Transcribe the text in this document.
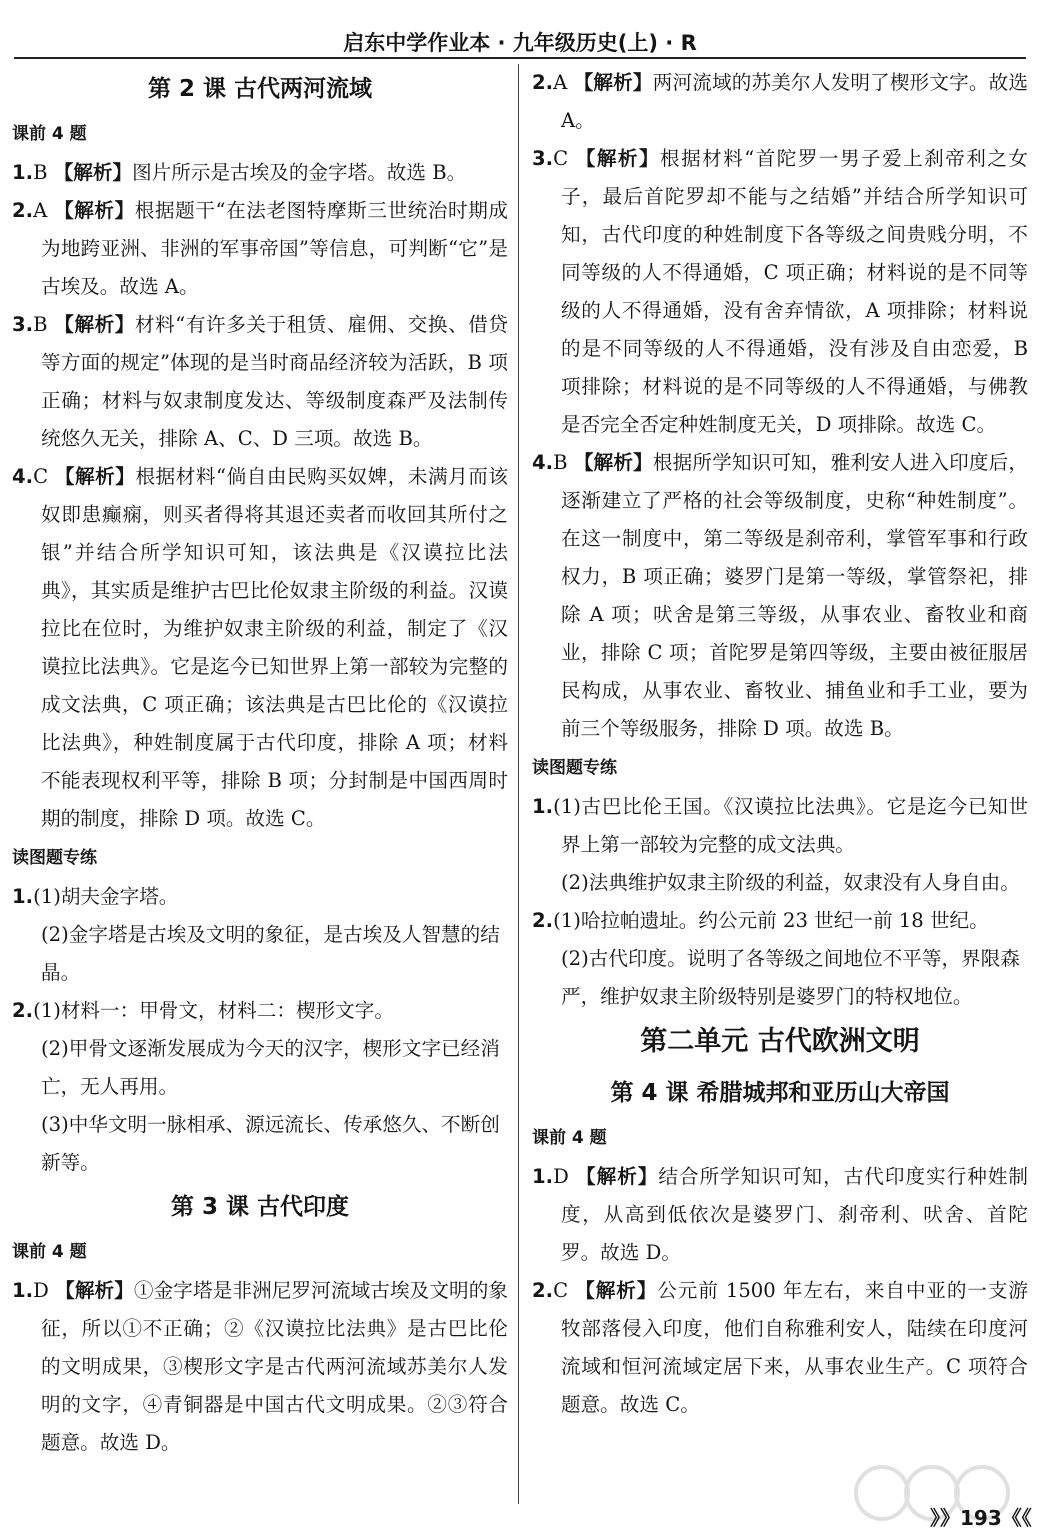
启东中学作业本 · 九年级历史(上) · R

第 2 课 古代两河流域

课前 4 题

1.B 【解析】图片所示是古埃及的金字塔。故选 B。

2.A 【解析】根据题干“在法老图特摩斯三世统治时期成为地跨亚洲、非洲的军事帝国”等信息，可判断“它”是古埃及。故选 A。

3.B 【解析】材料“有许多关于租赁、雇佣、交换、借贷等方面的规定”体现的是当时商品经济较为活跃，B 项正确；材料与奴隶制度发达、等级制度森严及法制传统悠久无关，排除 A、C、D 三项。故选 B。

4.C 【解析】根据材料“倘自由民购买奴婢，未满月而该奴即患癫痫，则买者得将其退还卖者而收回其所付之银”并结合所学知识可知，该法典是《汉谟拉比法典》，其实质是维护古巴比伦奴隶主阶级的利益。汉谟拉比在位时，为维护奴隶主阶级的利益，制定了《汉谟拉比法典》。它是迄今已知世界上第一部较为完整的成文法典，C 项正确；该法典是古巴比伦的《汉谟拉比法典》，种姓制度属于古代印度，排除 A 项；材料不能表现权利平等，排除 B 项；分封制是中国西周时期的制度，排除 D 项。故选 C。

读图题专练

1.(1)胡夫金字塔。

(2)金字塔是古埃及文明的象征，是古埃及人智慧的结晶。

2.(1)材料一：甲骨文，材料二：楔形文字。

(2)甲骨文逐渐发展成为今天的汉字，楔形文字已经消亡，无人再用。

(3)中华文明一脉相承、源远流长、传承悠久、不断创新等。

第 3 课 古代印度

课前 4 题

1.D 【解析】①金字塔是非洲尼罗河流域古埃及文明的象征，所以①不正确；②《汉谟拉比法典》是古巴比伦的文明成果，③楔形文字是古代两河流域苏美尔人发明的文字，④青铜器是中国古代文明成果。②③符合题意。故选 D。

2.A 【解析】两河流域的苏美尔人发明了楔形文字。故选 A。

3.C 【解析】根据材料“首陀罗一男子爱上刹帝利之女子，最后首陀罗却不能与之结婚”并结合所学知识可知，古代印度的种姓制度下各等级之间贵贱分明，不同等级的人不得通婚，C 项正确；材料说的是不同等级的人不得通婚，没有舍弃情欲，A 项排除；材料说的是不同等级的人不得通婚，没有涉及自由恋爱，B 项排除；材料说的是不同等级的人不得通婚，与佛教是否完全否定种姓制度无关，D 项排除。故选 C。

4.B 【解析】根据所学知识可知，雅利安人进入印度后，逐渐建立了严格的社会等级制度，史称“种姓制度”。在这一制度中，第二等级是刹帝利，掌管军事和行政权力，B 项正确；婆罗门是第一等级，掌管祭祀，排除 A 项；吠舍是第三等级，从事农业、畜牧业和商业，排除 C 项；首陀罗是第四等级，主要由被征服居民构成，从事农业、畜牧业、捕鱼业和手工业，要为前三个等级服务，排除 D 项。故选 B。

读图题专练

1.(1)古巴比伦王国。《汉谟拉比法典》。它是迄今已知世界上第一部较为完整的成文法典。

(2)法典维护奴隶主阶级的利益，奴隶没有人身自由。

2.(1)哈拉帕遗址。约公元前 23 世纪一前 18 世纪。

(2)古代印度。说明了各等级之间地位不平等，界限森严，维护奴隶主阶级特别是婆罗门的特权地位。

第二单元 古代欧洲文明

第 4 课 希腊城邦和亚历山大帝国

课前 4 题

1.D 【解析】结合所学知识可知，古代印度实行种姓制度，从高到低依次是婆罗门、刹帝利、吠舍、首陀罗。故选 D。

2.C 【解析】公元前 1500 年左右，来自中亚的一支游牧部落侵入印度，他们自称雅利安人，陆续在印度河流域和恒河流域定居下来，从事农业生产。C 项符合题意。故选 C。

》》193《《
